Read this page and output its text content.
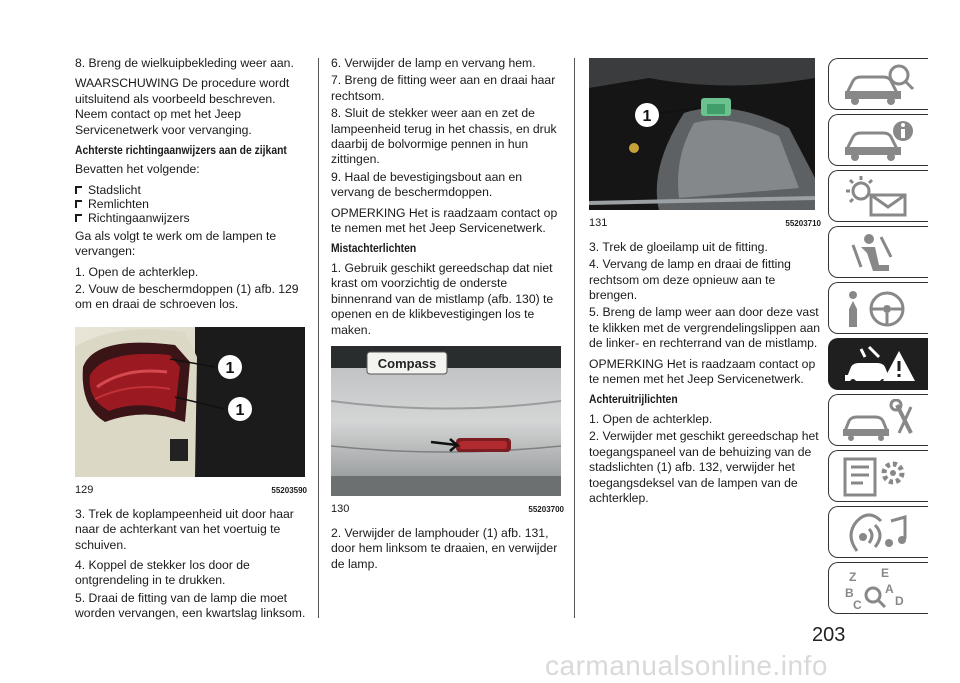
8. Breng de wielkuipbekleding weer aan.

WAARSCHUWING De procedure wordt uitsluitend als voorbeeld beschreven. Neem contact op met het Jeep Servicenetwerk voor vervanging.

Achterste richtingaanwijzers aan de zijkant

Bevatten het volgende:

Stadslicht
Remlichten
Richtingaanwijzers

Ga als volgt te werk om de lampen te vervangen:

1. Open de achterklep.

2. Vouw de beschermdoppen (1) afb. 129 om en draai de schroeven los.

1
1
129	55203590

3. Trek de koplampeenheid uit door haar naar de achterkant van het voertuig te schuiven.

4. Koppel de stekker los door de ontgrendeling in te drukken.

5. Draai de fitting van de lamp die moet worden vervangen, een kwartslag linksom.

6. Verwijder de lamp en vervang hem.

7. Breng de fitting weer aan en draai haar rechtsom.

8. Sluit de stekker weer aan en zet de lampeenheid terug in het chassis, en druk daarbij de bolvormige pennen in hun zittingen.

9. Haal de bevestigingsbout aan en vervang de beschermdoppen.

OPMERKING Het is raadzaam contact op te nemen met het Jeep Servicenetwerk.

Mistachterlichten

1. Gebruik geschikt gereedschap dat niet krast om voorzichtig de onderste binnenrand van de mistlamp (afb. 130) te openen en de klikbevestigingen los te maken.

Compass
130	55203700

2. Verwijder de lamphouder (1) afb. 131, door hem linksom te draaien, en verwijder de lamp.

1
131	55203710

3. Trek de gloeilamp uit de fitting.

4. Vervang de lamp en draai de fitting rechtsom om deze opnieuw aan te brengen.

5. Breng de lamp weer aan door deze vast te klikken met de vergrendelingslippen aan de linker- en rechterrand van de mistlamp.

OPMERKING Het is raadzaam contact op te nemen met het Jeep Servicenetwerk.

Achteruitrijlichten

1. Open de achterklep.

2. Verwijder met geschikt gereedschap het toegangspaneel van de behuizing van de stadslichten (1) afb. 132, verwijder het toegangsdeksel van de lampen van de achterklep.

Z E
B	A
C	D
203
carmanualsonline.info
